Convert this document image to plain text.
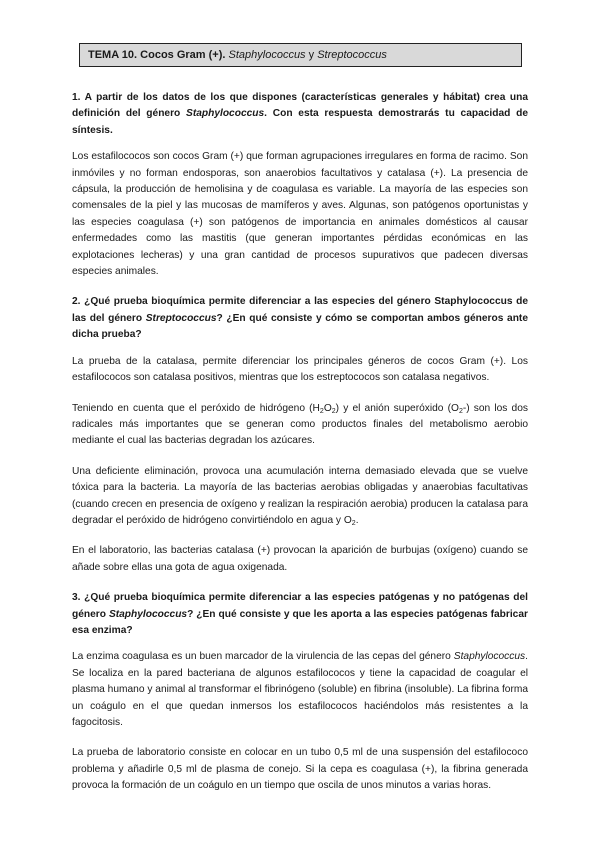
TEMA 10. Cocos Gram (+). Staphylococcus y Streptococcus

1. A partir de los datos de los que dispones (características generales y hábitat) crea una definición del género Staphylococcus. Con esta respuesta demostrarás tu capacidad de síntesis.

Los estafilococos son cocos Gram (+) que forman agrupaciones irregulares en forma de racimo. Son inmóviles y no forman endosporas, son anaerobios facultativos y catalasa (+). La presencia de cápsula, la producción de hemolisina y de coagulasa es variable. La mayoría de las especies son comensales de la piel y las mucosas de mamíferos y aves. Algunas, son patógenos oportunistas y las especies coagulasa (+) son patógenos de importancia en animales domésticos al causar enfermedades como las mastitis (que generan importantes pérdidas económicas en las explotaciones lecheras) y una gran cantidad de procesos supurativos que padecen diversas especies animales.

2. ¿Qué prueba bioquímica permite diferenciar a las especies del género Staphylococcus de las del género Streptococcus? ¿En qué consiste y cómo se comportan ambos géneros ante dicha prueba?

La prueba de la catalasa, permite diferenciar los principales géneros de cocos Gram (+). Los estafilococos son catalasa positivos, mientras que los estreptococos son catalasa negativos.

Teniendo en cuenta que el peróxido de hidrógeno $(H_2O_2)$ y el anión superóxido $(O_2-)$ son los dos radicales más importantes que se generan como productos finales del metabolismo aerobio mediante el cual las bacterias degradan los azúcares.

Una deficiente eliminación, provoca una acumulación interna demasiado elevada que se vuelve tóxica para la bacteria. La mayoría de las bacterias aerobias obligadas y anaerobias facultativas (cuando crecen en presencia de oxígeno y realizan la respiración aerobia) producen la catalasa para degradar el peróxido de hidrógeno convirtiéndolo en agua y $O_2$.

En el laboratorio, las bacterias catalasa (+) provocan la aparición de burbujas (oxígeno) cuando se añade sobre ellas una gota de agua oxigenada.

3. ¿Qué prueba bioquímica permite diferenciar a las especies patógenas y no patógenas del género Staphylococcus? ¿En qué consiste y que les aporta a las especies patógenas fabricar esa enzima?

La enzima coagulasa es un buen marcador de la virulencia de las cepas del género Staphylococcus. Se localiza en la pared bacteriana de algunos estafilococos y tiene la capacidad de coagular el plasma humano y animal al transformar el fibrinógeno (soluble) en fibrina (insoluble). La fibrina forma un coágulo en el que quedan inmersos los estafilococos haciéndolos más resistentes a la fagocitosis.

La prueba de laboratorio consiste en colocar en un tubo 0,5 ml de una suspensión del estafilococo problema y añadirle 0,5 ml de plasma de conejo. Si la cepa es coagulasa (+), la fibrina generada provoca la formación de un coágulo en un tiempo que oscila de unos minutos a varias horas.
